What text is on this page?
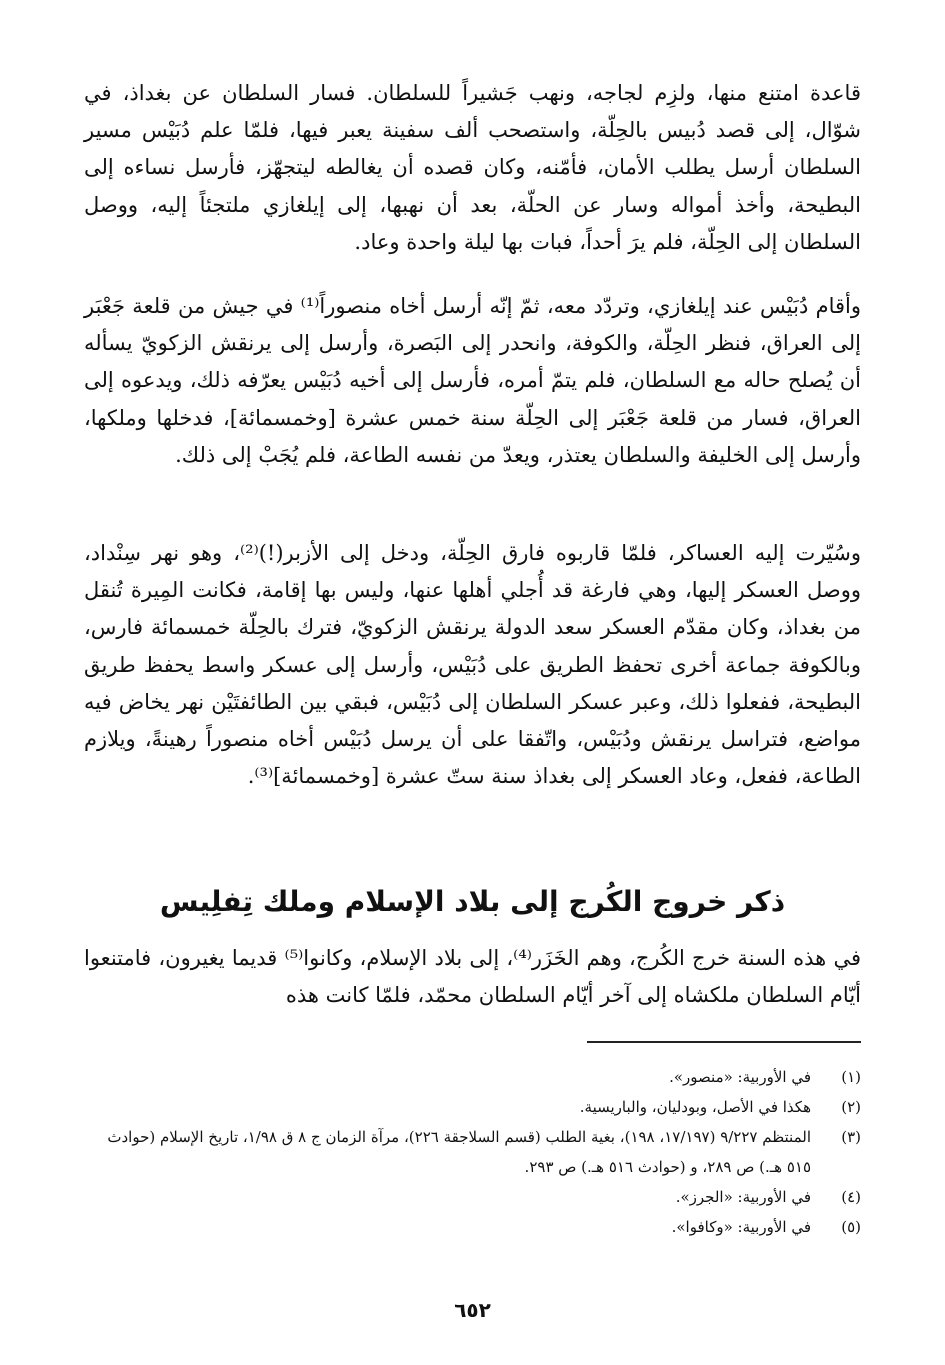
قاعدة امتنع منها، ولزِم لجاجه، ونهب جَشيراً للسلطان. فسار السلطان عن بغداذ، في شوّال، إلى قصد دُبيس بالحِلّة، واستصحب ألف سفينة يعبر فيها، فلمّا علم دُبَيْس مسير السلطان أرسل يطلب الأمان، فأمّنه، وكان قصده أن يغالطه ليتجهّز، فأرسل نساءه إلى البطيحة، وأخذ أمواله وسار عن الحلّة، بعد أن نهبها، إلى إيلغازي ملتجئاً إليه، ووصل السلطان إلى الحِلّة، فلم يرَ أحداً، فبات بها ليلة واحدة وعاد.

وأقام دُبَيْس عند إيلغازي، وتردّد معه، ثمّ إنّه أرسل أخاه منصوراً⁽¹⁾ في جيش من قلعة جَعْبَر إلى العراق، فنظر الحِلّة، والكوفة، وانحدر إلى البَصرة، وأرسل إلى يرنقش الزكويّ يسأله أن يُصلح حاله مع السلطان، فلم يتمّ أمره، فأرسل إلى أخيه دُبَيْس يعرّفه ذلك، ويدعوه إلى العراق، فسار من قلعة جَعْبَر إلى الحِلّة سنة خمس عشرة [وخمسمائة]، فدخلها وملكها، وأرسل إلى الخليفة والسلطان يعتذر، ويعدّ من نفسه الطاعة، فلم يُجَبْ إلى ذلك.

وسُيّرت إليه العساكر، فلمّا قاربوه فارق الحِلّة، ودخل إلى الأزبر(!)⁽²⁾، وهو نهر سِنْداد، ووصل العسكر إليها، وهي فارغة قد أُجلي أهلها عنها، وليس بها إقامة، فكانت المِيرة تُنقل من بغداذ، وكان مقدّم العسكر سعد الدولة يرنقش الزكويّ، فترك بالحِلّة خمسمائة فارس، وبالكوفة جماعة أخرى تحفظ الطريق على دُبَيْس، وأرسل إلى عسكر واسط يحفظ طريق البطيحة، ففعلوا ذلك، وعبر عسكر السلطان إلى دُبَيْس، فبقي بين الطائفتَيْن نهر يخاض فيه مواضع، فتراسل يرنقش ودُبَيْس، واتّفقا على أن يرسل دُبَيْس أخاه منصوراً رهينةً، ويلازم الطاعة، ففعل، وعاد العسكر إلى بغداذ سنة ستّ عشرة [وخمسمائة]⁽³⁾.

ذكر خروج الكُرج إلى بلاد الإسلام وملك تِفلِيس

في هذه السنة خرج الكُرج، وهم الخَزَر⁽⁴⁾، إلى بلاد الإسلام، وكانوا⁽⁵⁾ قديما يغيرون، فامتنعوا أيّام السلطان ملكشاه إلى آخر أيّام السلطان محمّد، فلمّا كانت هذه

(١)
في الأوربية: «منصور».
(٢)
هكذا في الأصل، وبودليان، والباريسية.
(٣)
المنتظم ٩/٢٢٧ (١٧/١٩٧، ١٩٨)، بغية الطلب (قسم السلاجقة ٢٢٦)، مرآة الزمان ج ٨ ق ١/٩٨، تاريخ الإسلام (حوادث ٥١٥ هـ.) ص ٢٨٩، و (حوادث ٥١٦ هـ.) ص ٢٩٣.
(٤)
في الأوربية: «الجرز».
(٥)
في الأوربية: «وكافوا».
٦٥٢
